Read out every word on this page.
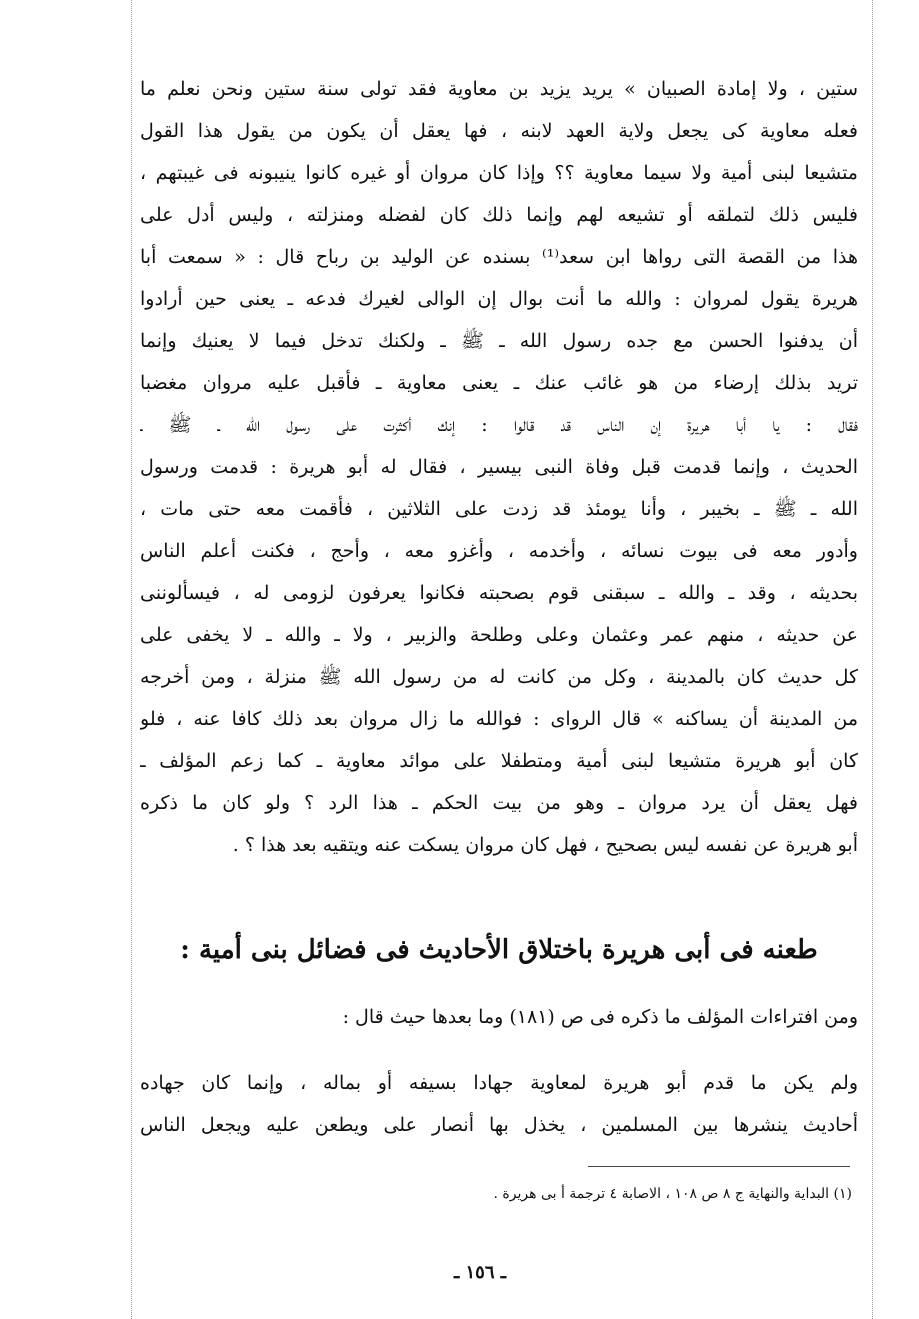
ستين ، ولا إمادة الصبيان » يريد يزيد بن معاوية فقد تولى سنة ستين ونحن نعلم ما
فعله معاوية كى يجعل ولاية العهد لابنه ، فها يعقل أن يكون من يقول هذا القول
متشيعا لبنى أمية ولا سيما معاوية ؟؟ وإذا كان مروان أو غيره كانوا ينيبونه فى غيبتهم ،
فليس ذلك لتملقه أو تشيعه لهم وإنما ذلك كان لفضله ومنزلته ، وليس أدل على
هذا من القصة التى رواها ابن سعد⁽¹⁾ بسنده عن الوليد بن رباح قال : « سمعت أبا
هريرة يقول لمروان : والله ما أنت بوال إن الوالى لغيرك فدعه ـ يعنى حين أرادوا
أن يدفنوا الحسن مع جده رسول الله ـ ﷺ ـ ولكنك تدخل فيما لا يعنيك وإنما
تريد بذلك إرضاء من هو غائب عنك ـ يعنى معاوية ـ فأقبل عليه مروان مغضبا
فقال : يا أبا هريرة إن الناس قد قالوا : إنك أكثرت على رسول الله ـ ﷺ ـ
الحديث ، وإنما قدمت قبل وفاة النبى بيسير ، فقال له أبو هريرة : قدمت ورسول
الله ـ ﷺ ـ بخيبر ، وأنا يومئذ قد زدت على الثلاثين ، فأقمت معه حتى مات ،
وأدور معه فى بيوت نسائه ، وأخدمه ، وأغزو معه ، وأحج ، فكنت أعلم الناس
بحديثه ، وقد ـ والله ـ سبقنى قوم بصحبته فكانوا يعرفون لزومى له ، فيسألوننى
عن حديثه ، منهم عمر وعثمان وعلى وطلحة والزبير ، ولا ـ والله ـ لا يخفى على
كل حديث كان بالمدينة ، وكل من كانت له من رسول الله ﷺ منزلة ، ومن أخرجه
من المدينة أن يساكنه » قال الرواى : فوالله ما زال مروان بعد ذلك كافا عنه ، فلو
كان أبو هريرة متشيعا لبنى أمية ومتطفلا على موائد معاوية ـ كما زعم المؤلف ـ
فهل يعقل أن يرد مروان ـ وهو من بيت الحكم ـ هذا الرد ؟ ولو كان ما ذكره
أبو هريرة عن نفسه ليس بصحيح ، فهل كان مروان يسكت عنه ويتقيه بعد هذا ؟ .
طعنه فى أبى هريرة باختلاق الأحاديث فى فضائل بنى أمية :
ومن افتراءات المؤلف ما ذكره فى ص (١٨١) وما بعدها حيث قال :
ولم يكن ما قدم أبو هريرة لمعاوية جهادا بسيفه أو بماله ، وإنما كان جهاده
أحاديث ينشرها بين المسلمين ، يخذل بها أنصار على ويطعن عليه ويجعل الناس
(١) البداية والنهاية ج ٨ ص ١٠٨ ، الاصابة ٤ ترجمة أ بى هريرة .
ـ ١٥٦ ـ
